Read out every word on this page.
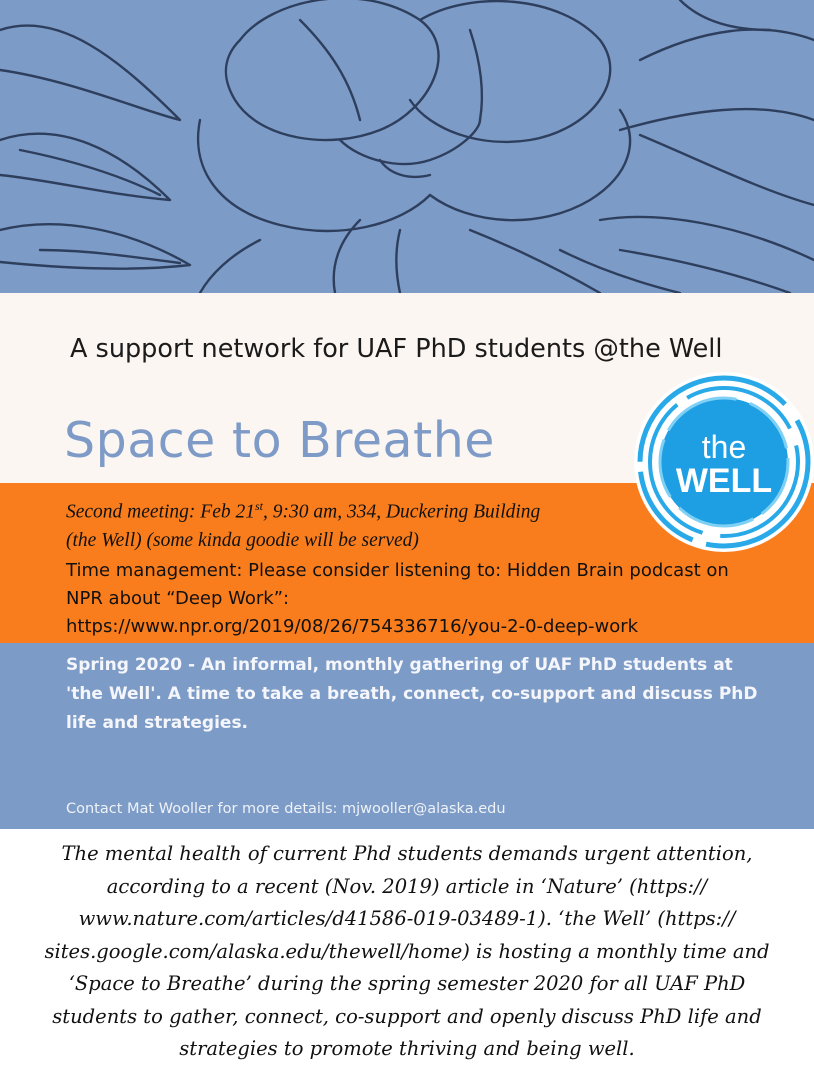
A support network for UAF PhD students @the Well
Space to Breathe
Second meeting: Feb 21st, 9:30 am, 334, Duckering Building
(the Well) (some kinda goodie will be served)
Time management: Please consider listening to: Hidden Brain podcast on
NPR about “Deep Work”:
https://www.npr.org/2019/08/26/754336716/you-2-0-deep-work
Spring 2020 - An informal, monthly gathering of UAF PhD students at 'the Well'. A time to take a breath, connect, co-support and discuss PhD life and strategies.
Contact Mat Wooller for more details: mjwooller@alaska.edu
The mental health of current Phd students demands urgent attention,
according to a recent (Nov. 2019) article in ‘Nature’ (https://
www.nature.com/articles/d41586-019-03489-1). ‘the Well’ (https://
sites.google.com/alaska.edu/thewell/home) is hosting a monthly time and
‘Space to Breathe’ during the spring semester 2020 for all UAF PhD
students to gather, connect, co-support and openly discuss PhD life and
strategies to promote thriving and being well.
the
WELL
